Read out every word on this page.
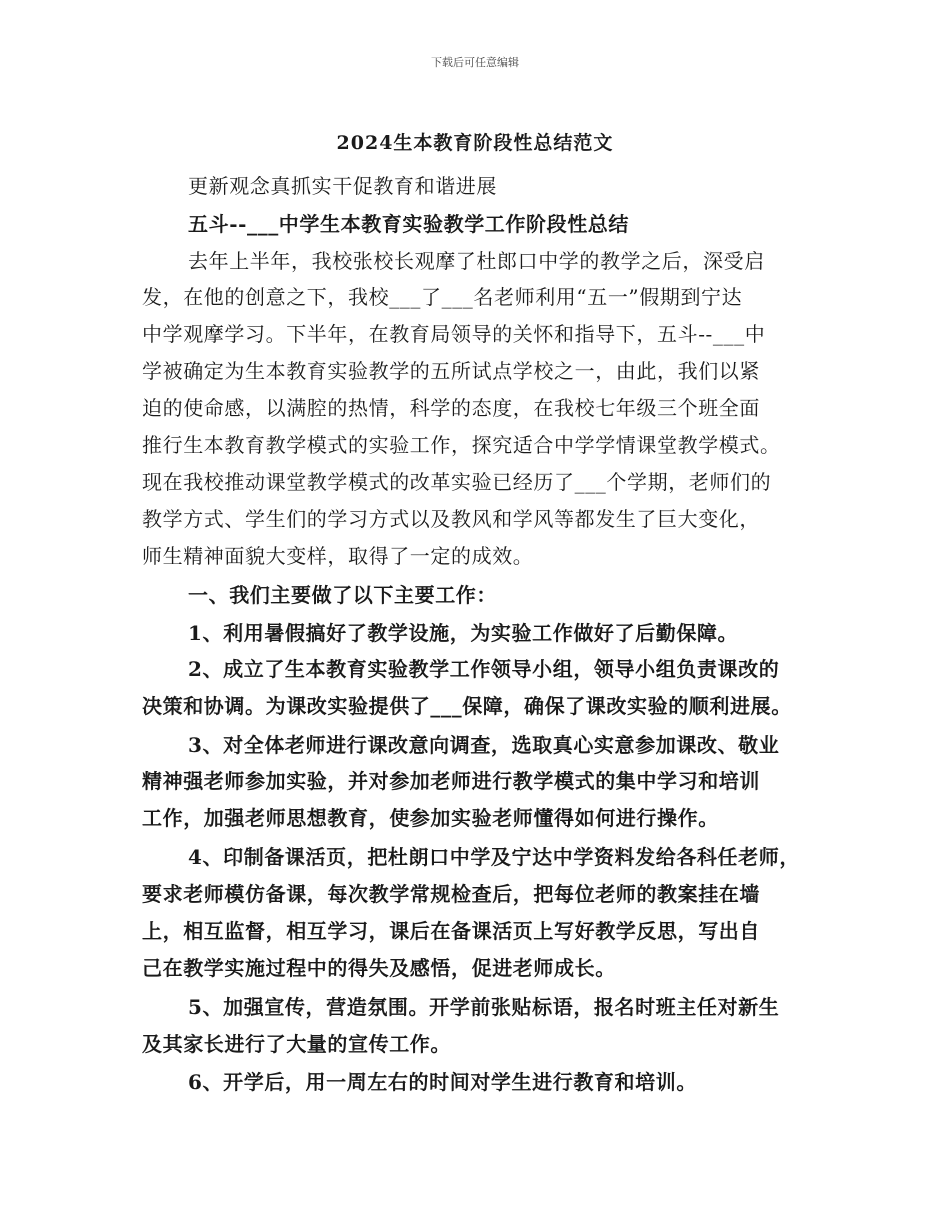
下载后可任意编辑
2024生本教育阶段性总结范文
更新观念真抓实干促教育和谐进展
五斗--___中学生本教育实验教学工作阶段性总结
去年上半年，我校张校长观摩了杜郎口中学的教学之后，深受启
发，在他的创意之下，我校___了___名老师利用“五一”假期到宁达
中学观摩学习。下半年，在教育局领导的关怀和指导下，五斗--___中
学被确定为生本教育实验教学的五所试点学校之一，由此，我们以紧
迫的使命感，以满腔的热情，科学的态度，在我校七年级三个班全面
推行生本教育教学模式的实验工作，探究适合中学学情课堂教学模式。
现在我校推动课堂教学模式的改革实验已经历了___个学期，老师们的
教学方式、学生们的学习方式以及教风和学风等都发生了巨大变化，
师生精神面貌大变样，取得了一定的成效。
一、我们主要做了以下主要工作：
1、利用暑假搞好了教学设施，为实验工作做好了后勤保障。
2、成立了生本教育实验教学工作领导小组，领导小组负责课改的
决策和协调。为课改实验提供了___保障，确保了课改实验的顺利进展。
3、对全体老师进行课改意向调查，选取真心实意参加课改、敬业
精神强老师参加实验，并对参加老师进行教学模式的集中学习和培训
工作，加强老师思想教育，使参加实验老师懂得如何进行操作。
4、印制备课活页，把杜朗口中学及宁达中学资料发给各科任老师，
要求老师模仿备课，每次教学常规检查后，把每位老师的教案挂在墙
上，相互监督，相互学习，课后在备课活页上写好教学反思，写出自
己在教学实施过程中的得失及感悟，促进老师成长。
5、加强宣传，营造氛围。开学前张贴标语，报名时班主任对新生
及其家长进行了大量的宣传工作。
6、开学后，用一周左右的时间对学生进行教育和培训。
